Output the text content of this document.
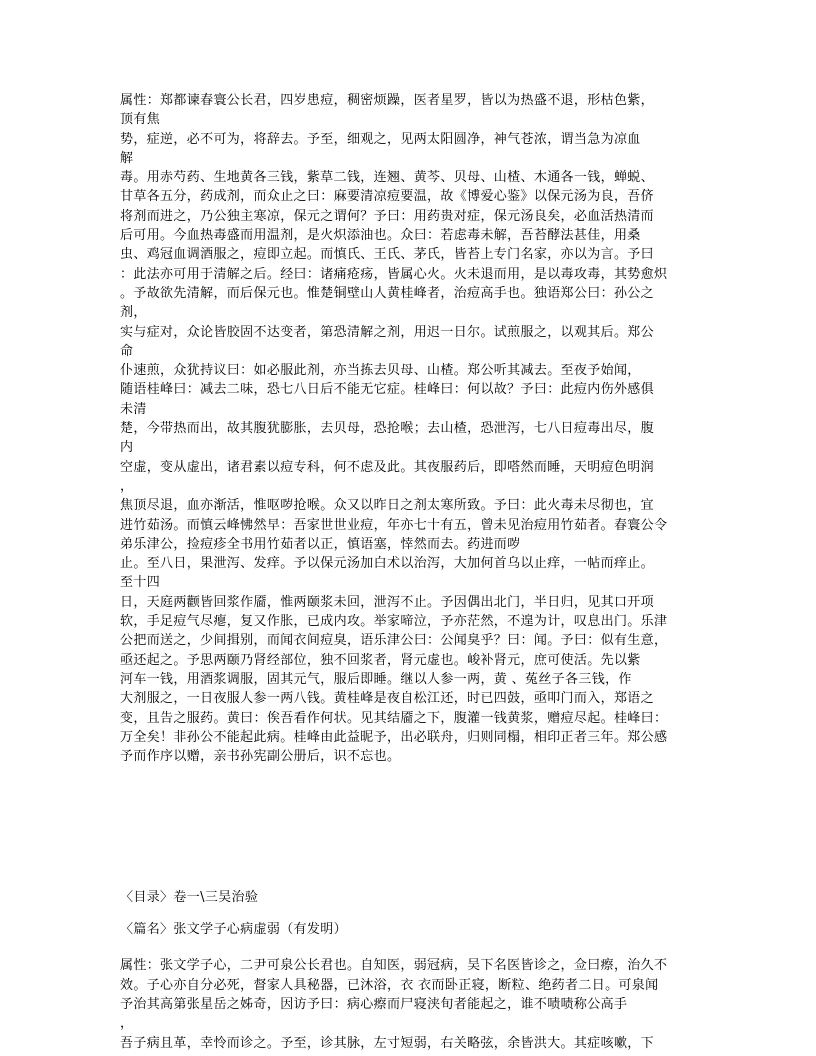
属性：郑都谏春寰公长君，四岁患痘，稠密烦躁，医者星罗，皆以为热盛不退，形枯色紫，
顶有焦
势，症逆，必不可为，将辞去。予至，细观之，见两太阳圆净，神气苍浓，谓当急为凉血
解
毒。用赤芍药、生地黄各三钱，紫草二钱，连翘、黄芩、贝母、山楂、木通各一钱，蝉蜕、
甘草各五分，药成剂，而众止之曰：麻要清凉痘要温，故《博爱心鉴》以保元汤为良，吾侪
将剂而进之，乃公独主寒凉，保元之谓何？予曰：用药贵对症，保元汤良矣，必血活热清而
后可用。今血热毒盛而用温剂，是火炽添油也。众曰：若虑毒未解，吾苔酵法甚佳，用桑
虫、鸡冠血调酒服之，痘即立起。而慎氏、王氏、茅氏，皆苔上专门名家，亦以为言。予曰
：此法亦可用于清解之后。经曰：诸痛疮疡，皆属心火。火未退而用，是以毒攻毒，其势愈炽
。予故欲先清解，而后保元也。惟楚铜壁山人黄桂峰者，治痘高手也。独语郑公曰：孙公之
剂，
实与症对，众论皆胶固不达变者，第恐清解之剂，用迟一日尔。试煎服之，以观其后。郑公
命
仆速煎，众犹持议曰：如必服此剂，亦当拣去贝母、山楂。郑公听其减去。至夜予始闻，
随语桂峰曰：减去二味，恐七八日后不能无它症。桂峰曰：何以故？予曰：此痘内伤外感俱
未清
楚，今带热而出，故其腹犹膨胀，去贝母，恐抢喉；去山楂，恐泄泻，七八日痘毒出尽，腹
内
空虚，变从虚出，诸君素以痘专科，何不虑及此。其夜服药后，即嗒然而睡，天明痘色明润
，
焦顶尽退，血亦渐活，惟呕哕抢喉。众又以昨日之剂太寒所致。予曰：此火毒未尽彻也，宜
进竹茹汤。而慎云峰怫然早：吾家世世业痘，年亦七十有五，曾未见治痘用竹茹者。春寰公令
弟乐津公，捡痘疹全书用竹茹者以正，慎语塞，悻然而去。药进而哕
止。至八日，果泄泻、发痒。予以保元汤加白术以治泻，大加何首乌以止痒，一帖而痒止。
至十四
日，天庭两颧皆回浆作靥，惟两颐浆未回，泄泻不止。予因偶出北门，半日归，见其口开项
软，手足痘气尽瘪，复又作胀，已成内攻。举家啼泣，予亦茫然，不遑为计，叹息出门。乐津
公把而送之，少间揖别，而闻衣间痘臭，语乐津公曰：公闻臭乎？曰：闻。予曰：似有生意，
亟还起之。予思两颐乃肾经部位，独不回浆者，肾元虚也。峻补肾元，庶可使活。先以紫
河车一钱，用酒浆调服，固其元气，服后即睡。继以人参一两，黄 、菟丝子各三钱，作
大剂服之，一日夜服人参一两八钱。黄桂峰是夜自松江还，时已四鼓，亟叩门而入，郑语之
变，且告之服药。黄曰：俟吾看作何状。见其结靥之下，腹灌一钱黄浆，赠痘尽起。桂峰曰：
万全矣！非孙公不能起此病。桂峰由此益昵予，出必联舟，归则同榻，相印正者三年。郑公感
予而作序以赠，亲书孙宪副公册后，识不忘也。
〈目录〉卷一\三吴治验
〈篇名〉张文学子心病虚弱（有发明）
属性：张文学子心，二尹可泉公长君也。自知医，弱冠病，吴下名医皆诊之，佥曰瘵，治久不
效。子心亦自分必死，督家人具秘器，已沐浴，衣 衣而卧正寝，断粒、绝药者二日。可泉闻
予治其高第张星岳之姊奇，因访予曰：病心瘵而尸寝浃旬者能起之，谁不啧啧称公高手
，
吾子病且革，幸怜而诊之。予至，诊其脉，左寸短弱，右关略弦，余皆洪大。其症咳嗽，下
